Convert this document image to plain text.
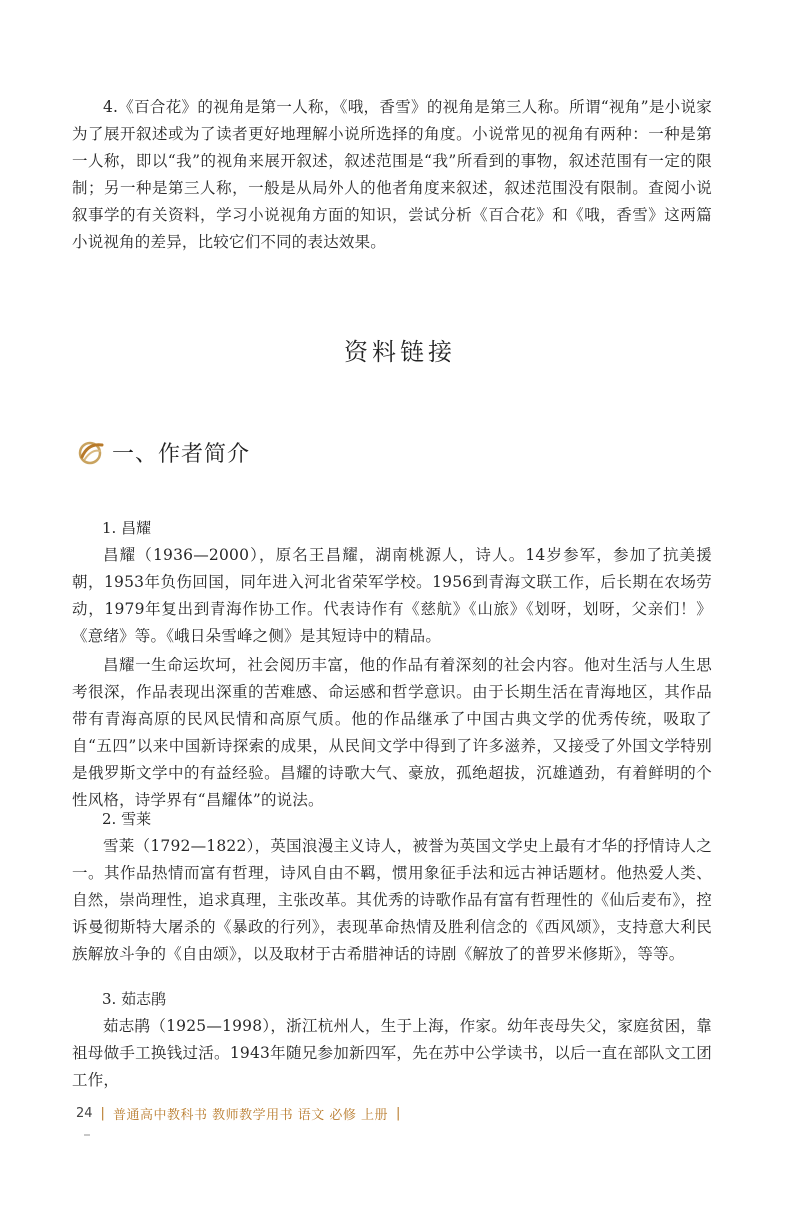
4.《百合花》的视角是第一人称，《哦，香雪》的视角是第三人称。所谓“视角”是小说家为了展开叙述或为了读者更好地理解小说所选择的角度。小说常见的视角有两种：一种是第一人称，即以“我”的视角来展开叙述，叙述范围是“我”所看到的事物，叙述范围有一定的限制；另一种是第三人称，一般是从局外人的他者角度来叙述，叙述范围没有限制。查阅小说叙事学的有关资料，学习小说视角方面的知识，尝试分析《百合花》和《哦，香雪》这两篇小说视角的差异，比较它们不同的表达效果。

资料链接
一、作者简介

1. 昌耀

昌耀（1936—2000），原名王昌耀，湖南桃源人，诗人。14岁参军，参加了抗美援朝，1953年负伤回国，同年进入河北省荣军学校。1956到青海文联工作，后长期在农场劳动，1979年复出到青海作协工作。代表诗作有《慈航》《山旅》《划呀，划呀，父亲们！》《意绪》等。《峨日朵雪峰之侧》是其短诗中的精品。

昌耀一生命运坎坷，社会阅历丰富，他的作品有着深刻的社会内容。他对生活与人生思考很深，作品表现出深重的苦难感、命运感和哲学意识。由于长期生活在青海地区，其作品带有青海高原的民风民情和高原气质。他的作品继承了中国古典文学的优秀传统，吸取了自“五四”以来中国新诗探索的成果，从民间文学中得到了许多滋养，又接受了外国文学特别是俄罗斯文学中的有益经验。昌耀的诗歌大气、豪放，孤绝超拔，沉雄遒劲，有着鲜明的个性风格，诗学界有“昌耀体”的说法。

2. 雪莱

雪莱（1792—1822），英国浪漫主义诗人，被誉为英国文学史上最有才华的抒情诗人之一。其作品热情而富有哲理，诗风自由不羁，惯用象征手法和远古神话题材。他热爱人类、自然，崇尚理性，追求真理，主张改革。其优秀的诗歌作品有富有哲理性的《仙后麦布》，控诉曼彻斯特大屠杀的《暴政的行列》，表现革命热情及胜利信念的《西风颂》，支持意大利民族解放斗争的《自由颂》，以及取材于古希腊神话的诗剧《解放了的普罗米修斯》，等等。

3. 茹志鹃

茹志鹃（1925—1998），浙江杭州人，生于上海，作家。幼年丧母失父，家庭贫困，靠祖母做手工换钱过活。1943年随兄参加新四军，先在苏中公学读书，以后一直在部队文工团工作，

24 | 普通高中教科书 教师教学用书 语文 必修 上册 |
